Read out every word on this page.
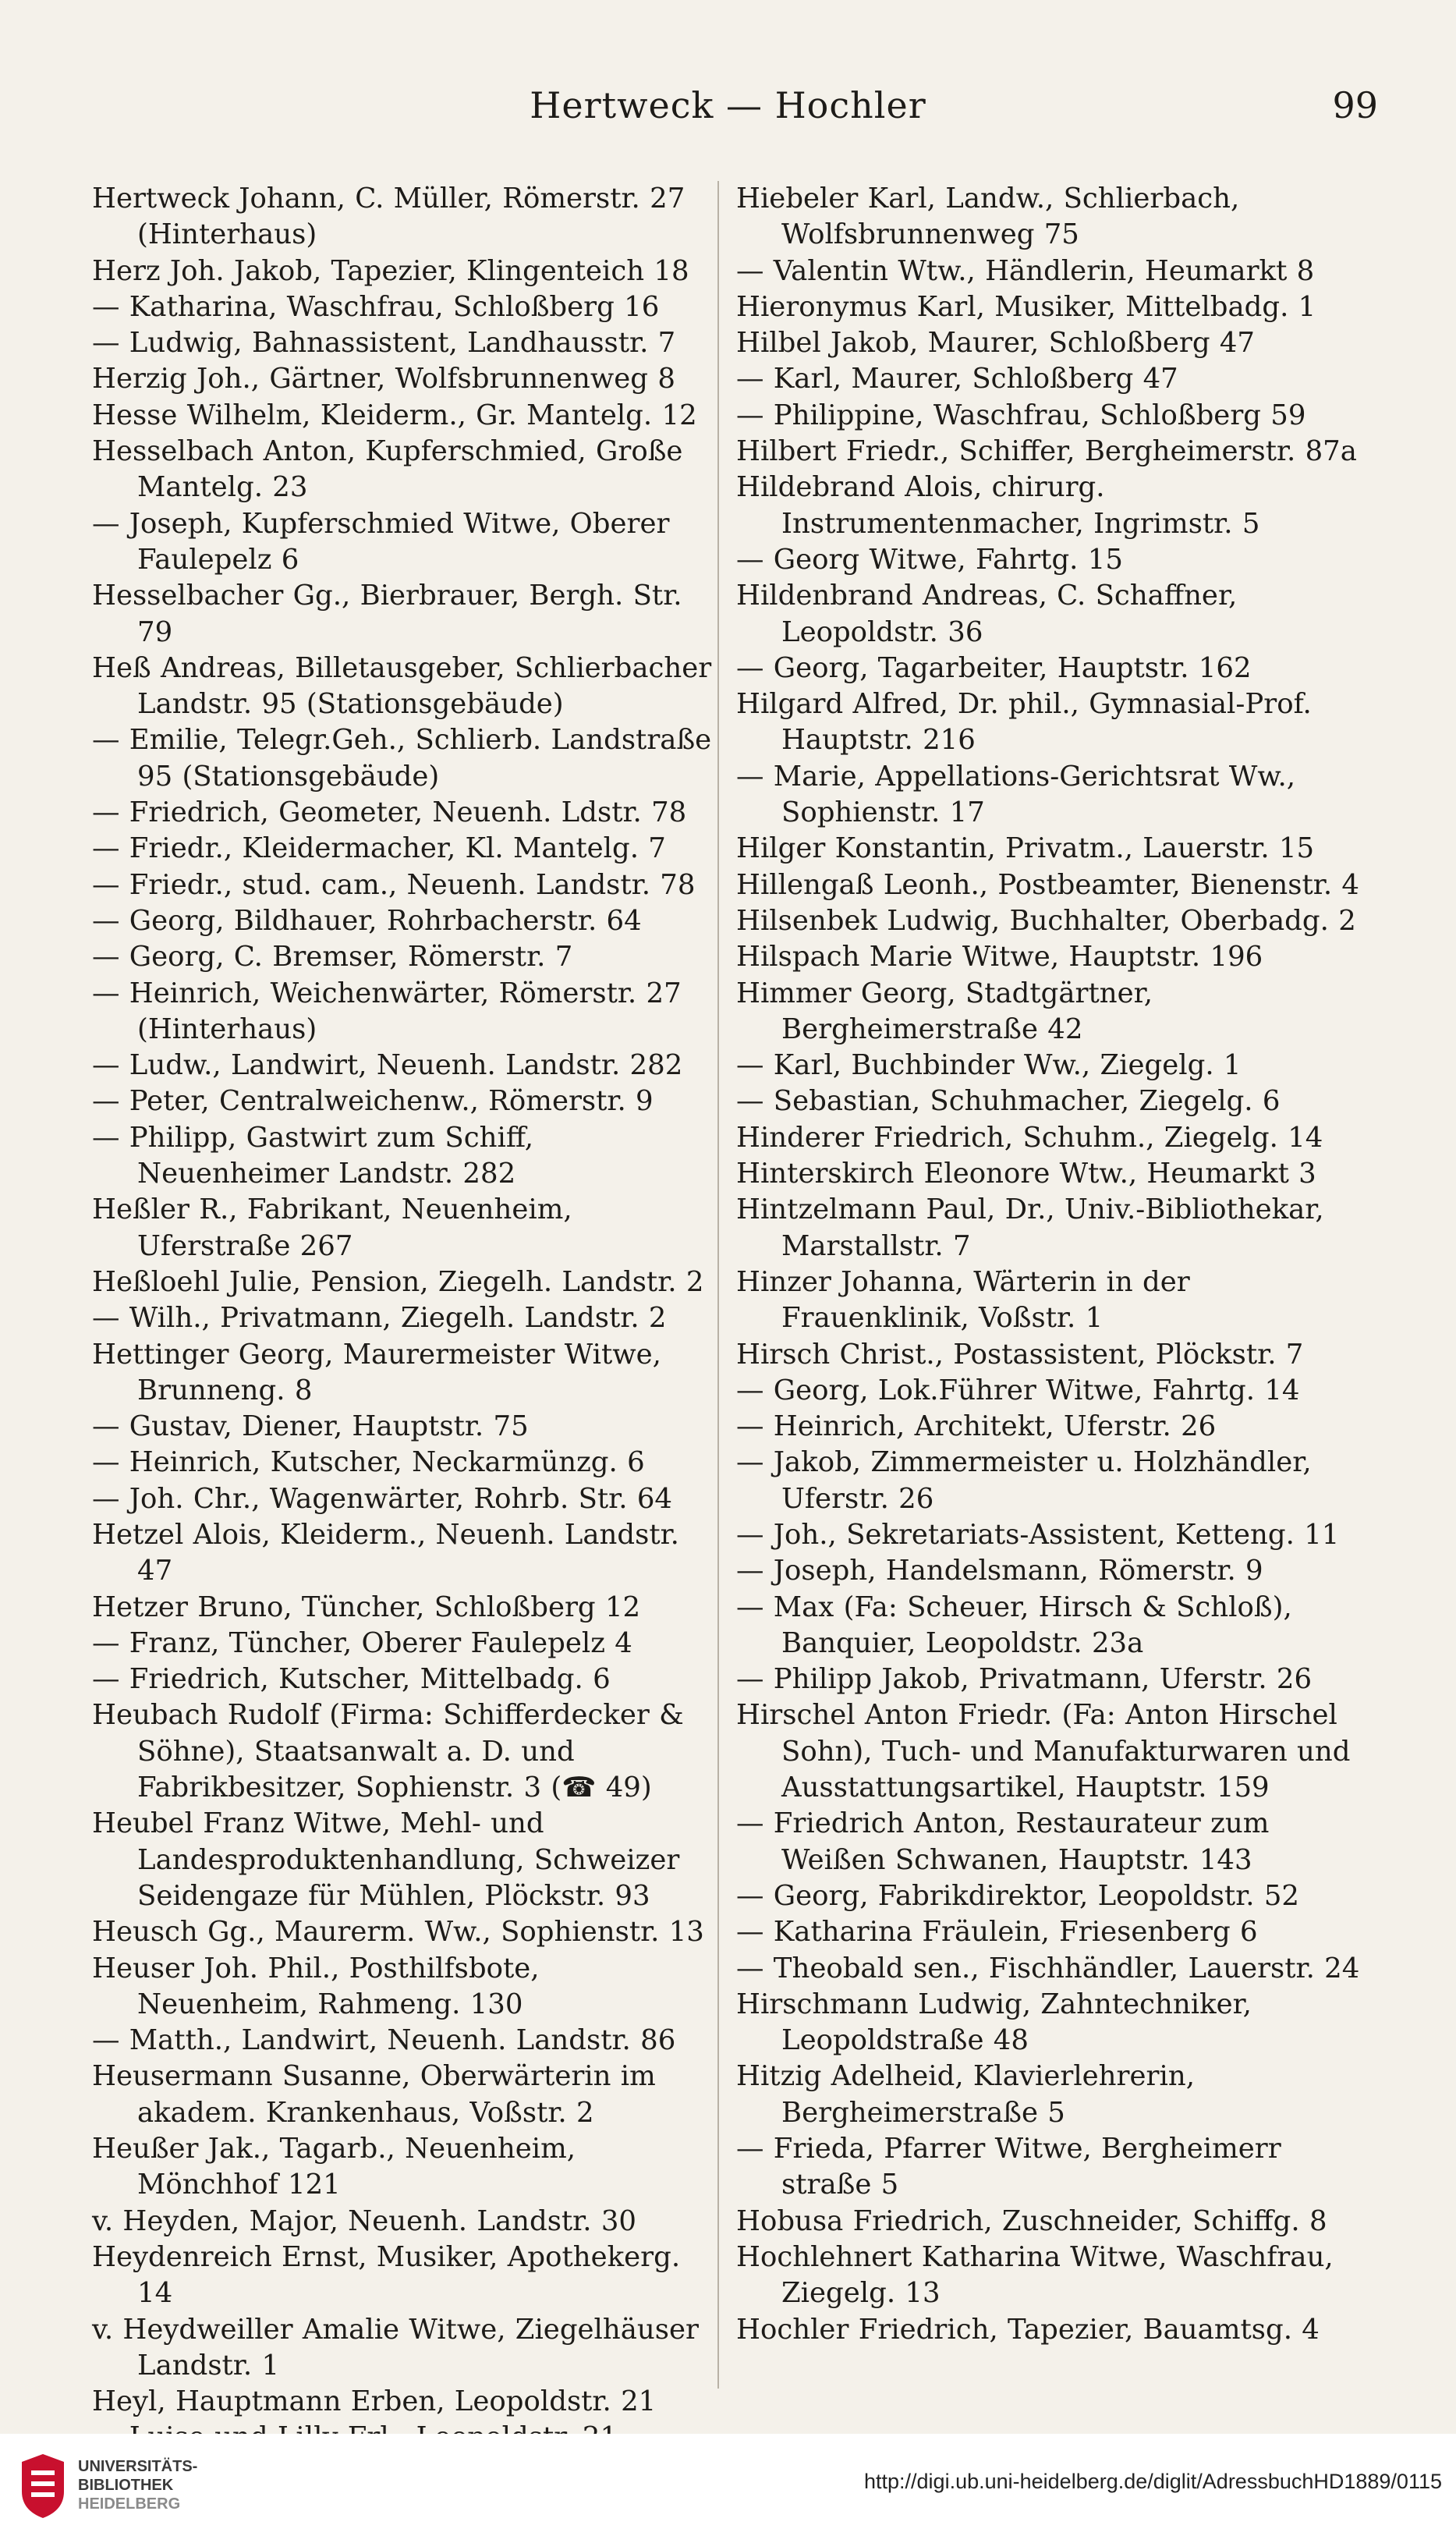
Hertweck — Hochler	99
Hertweck Johann, C. Müller, Römerstr. 27 (Hinterhaus)
Herz Joh. Jakob, Tapezier, Klingenteich 18
— Katharina, Waschfrau, Schloßberg 16
— Ludwig, Bahnassistent, Landhausstr. 7
Herzig Joh., Gärtner, Wolfsbrunnenweg 8
Hesse Wilhelm, Kleiderm., Gr. Mantelg. 12
Hesselbach Anton, Kupferschmied, Große Mantelg. 23
— Joseph, Kupferschmied Witwe, Oberer Faulepelz 6
Hesselbacher Gg., Bierbrauer, Bergh. Str. 79
Heß Andreas, Billetausgeber, Schlierbacher Landstr. 95 (Stationsgebäude)
— Emilie, Telegr.Geh., Schlierb. Landstraße 95 (Stationsgebäude)
— Friedrich, Geometer, Neuenh. Ldstr. 78
— Friedr., Kleidermacher, Kl. Mantelg. 7
— Friedr., stud. cam., Neuenh. Landstr. 78
— Georg, Bildhauer, Rohrbacherstr. 64
— Georg, C. Bremser, Römerstr. 7
— Heinrich, Weichenwärter, Römerstr. 27 (Hinterhaus)
— Ludw., Landwirt, Neuenh. Landstr. 282
— Peter, Centralweichenw., Römerstr. 9
— Philipp, Gastwirt zum Schiff, Neuenheimer Landstr. 282
Heßler R., Fabrikant, Neuenheim, Uferstraße 267
Heßloehl Julie, Pension, Ziegelh. Landstr. 2
— Wilh., Privatmann, Ziegelh. Landstr. 2
Hettinger Georg, Maurermeister Witwe, Brunneng. 8
— Gustav, Diener, Hauptstr. 75
— Heinrich, Kutscher, Neckarmünzg. 6
— Joh. Chr., Wagenwärter, Rohrb. Str. 64
Hetzel Alois, Kleiderm., Neuenh. Landstr. 47
Hetzer Bruno, Tüncher, Schloßberg 12
— Franz, Tüncher, Oberer Faulepelz 4
— Friedrich, Kutscher, Mittelbadg. 6
Heubach Rudolf (Firma: Schifferdecker & Söhne), Staatsanwalt a. D. und Fabrikbesitzer, Sophienstr. 3 (☎ 49)
Heubel Franz Witwe, Mehl- und Landesproduktenhandlung, Schweizer Seidengaze für Mühlen, Plöckstr. 93
Heusch Gg., Maurerm. Ww., Sophienstr. 13
Heuser Joh. Phil., Posthilfsbote, Neuenheim, Rahmeng. 130
— Matth., Landwirt, Neuenh. Landstr. 86
Heusermann Susanne, Oberwärterin im akadem. Krankenhaus, Voßstr. 2
Heußer Jak., Tagarb., Neuenheim, Mönchhof 121
v. Heyden, Major, Neuenh. Landstr. 30
Heydenreich Ernst, Musiker, Apothekerg. 14
v. Heydweiller Amalie Witwe, Ziegelhäuser Landstr. 1
Heyl, Hauptmann Erben, Leopoldstr. 21
Hiebeler Karl, Landw., Schlierbach, Wolfsbrunnenweg 75
— Valentin Wtw., Händlerin, Heumarkt 8
Hieronymus Karl, Musiker, Mittelbadg. 1
Hilbel Jakob, Maurer, Schloßberg 47
— Karl, Maurer, Schloßberg 47
— Philippine, Waschfrau, Schloßberg 59
Hilbert Friedr., Schiffer, Bergheimerstr. 87a
Hildebrand Alois, chirurg. Instrumentenmacher, Ingrimstr. 5
— Georg Witwe, Fahrtg. 15
Hildenbrand Andreas, C. Schaffner, Leopoldstr. 36
— Georg, Tagarbeiter, Hauptstr. 162
Hilgard Alfred, Dr. phil., Gymnasial-Prof. Hauptstr. 216
— Marie, Appellations-Gerichtsrat Ww., Sophienstr. 17
Hilger Konstantin, Privatm., Lauerstr. 15
Hillengaß Leonh., Postbeamter, Bienenstr. 4
Hilsenbek Ludwig, Buchhalter, Oberbadg. 2
Hilspach Marie Witwe, Hauptstr. 196
Himmer Georg, Stadtgärtner, Bergheimerstraße 42
— Karl, Buchbinder Ww., Ziegelg. 1
— Sebastian, Schuhmacher, Ziegelg. 6
Hinderer Friedrich, Schuhm., Ziegelg. 14
Hinterskirch Eleonore Wtw., Heumarkt 3
Hintzelmann Paul, Dr., Univ.-Bibliothekar, Marstallstr. 7
Hinzer Johanna, Wärterin in der Frauenklinik, Voßstr. 1
Hirsch Christ., Postassistent, Plöckstr. 7
— Georg, Lok.Führer Witwe, Fahrtg. 14
— Heinrich, Architekt, Uferstr. 26
— Jakob, Zimmermeister u. Holzhändler, Uferstr. 26
— Joh., Sekretariats-Assistent, Ketteng. 11
— Joseph, Handelsmann, Römerstr. 9
— Max (Fa: Scheuer, Hirsch & Schloß), Banquier, Leopoldstr. 23a
— Philipp Jakob, Privatmann, Uferstr. 26
Hirschel Anton Friedr. (Fa: Anton Hirschel Sohn), Tuch- und Manufakturwaren und Ausstattungsartikel, Hauptstr. 159
— Friedrich Anton, Restaurateur zum Weißen Schwanen, Hauptstr. 143
— Georg, Fabrikdirektor, Leopoldstr. 52
— Katharina Fräulein, Friesenberg 6
— Theobald sen., Fischhändler, Lauerstr. 24
Hirschmann Ludwig, Zahntechniker, Leopoldstraße 48
Hitzig Adelheid, Klavierlehrerin, Bergheimerstraße 5
— Frieda, Pfarrer Witwe, Bergheimerr straße 5
Hobusa Friedrich, Zuschneider, Schiffg. 8
Hochlehnert Katharina Witwe, Waschfrau, Ziegelg. 13
Hochler Friedrich, Tapezier, Bauamtsg. 4
UNIVERSITÄTS-
BIBLIOTHEK
HEIDELBERG
http://digi.ub.uni-heidelberg.de/diglit/AdressbuchHD1889/0115
